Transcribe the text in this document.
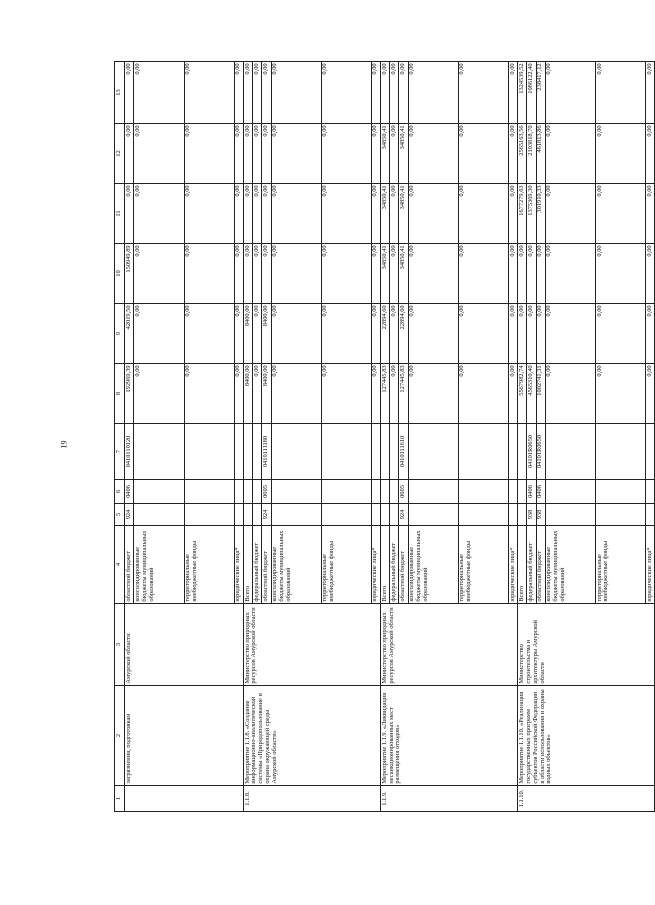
19
1	2	3	4	5	6	7	8	9	10	11	12	13
	загрязнения, подготовкам	Амурской области	областной бюджет	924	0406	0410110120	192969,39	42019,50	150949,89	0,00	0,00	0,00
			консолидированные бюджеты муниципальных образований				0,00	0,00	0,00	0,00	0,00	0,00
			территориальные внебюджетные фонды				0,00	0,00	0,00	0,00	0,00	0,00
			юридические лица*				0,00	0,00	0,00	0,00	0,00	0,00
1.1.8.	Мероприятие 1.1.8. «Создание информационно-аналитической системы «Природопользование и охрана окружающей среды Амурской области»	Министерство природных ресурсов Амурской области	Всего				8400,00	8400,00	0,00	0,00	0,00	0,00
			федеральный бюджет				0,00	0,00	0,00	0,00	0,00	0,00
			областной бюджет	924	0605	0410111180	8400,00	8400,00	0,00	0,00	0,00	0,00
			консолидированные бюджеты муниципальных образований				0,00	0,00	0,00	0,00	0,00	0,00
			территориальные внебюджетные фонды				0,00	0,00	0,00	0,00	0,00	0,00
			юридические лица*				0,00	0,00	0,00	0,00	0,00	0,00
1.1.9.	Мероприятие 1.1.9. «Ликвидация несанкционированных мест размещения отходов»	Министерство природных ресурсов Амурской области	Всего				127445,83	22894,60	34850,41	34850,41	34850,41	0,00
			федеральный бюджет				0,00	0,00	0,00	0,00	0,00	0,00
			областной бюджет	924	0605	0410111610	127445,83	22894,60	34850,41	34850,41	34850,41	0,00
			консолидированные бюджеты муниципальных образований				0,00	0,00	0,00	0,00	0,00	0,00
			территориальные внебюджетные фонды				0,00	0,00	0,00	0,00	0,00	0,00
			юридические лица*				0,00	0,00	0,00	0,00	0,00	0,00
1.1.10.	Мероприятие 1.1.10. «Реализация государственных программ субъектов Российской Федерации в области использования и охраны водных объектов»	Министерство строительства и архитектуры Амурской области	Всего				5567982,74	0,00	0,00	1677279,63	2565163,56	1324539,52
			федеральный бюджет	938	0406	04101R0650	4565310,40	0,00	0,00	1375369,30	2103818,70	1086122,40
			областной бюджет	938	0406	04101R0650	1002741,31	0,00	0,00	301910,33	461813,86	238417,12
			консолидированные бюджеты муниципальных образований				0,00	0,00	0,00	0,00	0,00	0,00
			территориальные внебюджетные фонды				0,00	0,00	0,00	0,00	0,00	0,00
			юридические лица*				0,00	0,00	0,00	0,00	0,00	0,00
